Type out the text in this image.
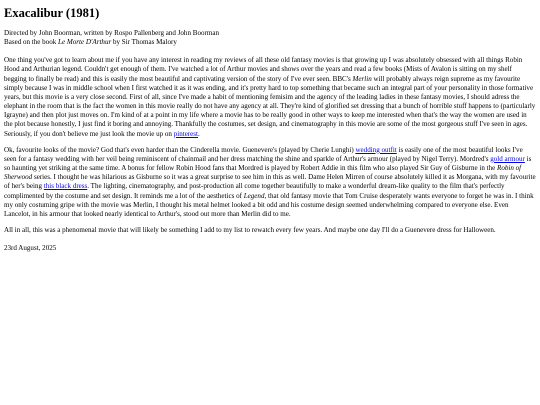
Exacalibur (1981)

Directed by John Boorman, written by Rospo Pallenberg and John Boorman
Based on the book Le Morte D'Arthur by Sir Thomas Malory

One thing you've got to learn about me if you have any interest in reading my reviews of all these old fantasy movies is that growing up I was absolutely obsessed with all things Robin Hood and Arthurian legend. Couldn't get enough of them. I've watched a lot of Arthur movies and shows over the years and read a few books (Mists of Avalon is sitting on my shelf begging to finally be read) and this is easily the most beautiful and captivating version of the story of I've ever seen. BBC's Merlin will probably always reign supreme as my favourite simply because I was in middle school when I first watched it as it was ending, and it's pretty hard to top something that became such an integral part of your personality in those formative years, but this movie is a very close second. First of all, since I've made a habit of mentioning femisim and the agency of the leading ladies in these fantasy movies, I should adress the elephant in the room that is the fact the women in this movie really do not have any agency at all. They're kind of glorified set dressing that a bunch of horrible stuff happens to (particularly Igrayne) and then plot just moves on. I'm kind of at a point in my life where a movie has to be really good in other ways to keep me interested when that's the way the women are used in the plot because honestly, I just find it boring and annoying. Thankfully the costumes, set design, and cinematography in this movie are some of the most gorgeous stuff I've seen in ages. Seriously, if you don't believe me just look the movie up on pinterest.

Ok, favourite looks of the movie? God that's even harder than the Cinderella movie. Guenevere's (played by Cherie Lunghi) wedding outfit is easily one of the most beautiful looks I've seen for a fantasy wedding with her veil being reminiscent of chainmail and her dress matching the shine and sparkle of Arthur's armour (played by Nigel Terry). Mordred's gold armour is so haunting yet striking at the same time. A bonus for fellow Robin Hood fans that Mordred is played by Robert Addie in this film who also played Sir Guy of Gisburne in the Robin of Sherwood series. I thought he was hilarious as Gisburne so it was a great surprise to see him in this as well. Dame Helen Mirren of course absolutely killed it as Morgana, with my favourite of her's being this black dress. The lighting, cinematography, and post-production all come together beautifully to make a wonderful dream-like quality to the film that's perfectly complimented by the costume and set design. It reminds me a lot of the aesthetics of Legend, that old fantasy movie that Tom Cruise desperately wants everyone to forget he was in. I think my only costuming gripe with the movie was Merlin, I thought his metal helmet looked a bit odd and his costume design seemed underwhelming compared to everyone else. Even Lancelot, in his armour that looked nearly identical to Arthur's, stood out more than Merlin did to me.

All in all, this was a phenomenal movie that will likely be something I add to my list to rewatch every few years. And maybe one day I'll do a Guenevere dress for Halloween.

23rd August, 2025
